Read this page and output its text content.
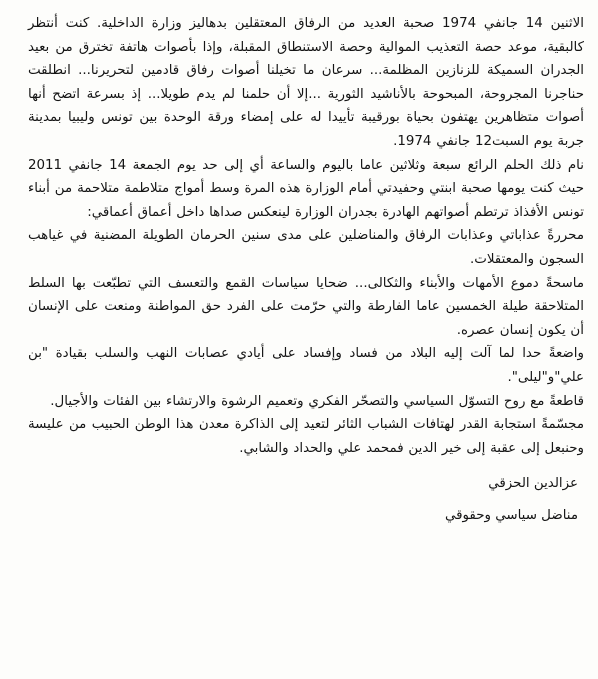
الاثنين 14 جانفي 1974 صحبة العديد من الرفاق المعتقلين بدهاليز وزارة الداخلية. كنت أنتظر كالبقية، موعد حصة التعذيب الموالية وحصة الاستنطاق المقبلة، وإذا بأصوات هاتفة تخترق من بعيد الجدران السميكة للزنازين المظلمة... سرعان ما تخيلنا أصوات رفاق قادمين لتحريرنا... انطلقت حناجرنا المجروحة، المبحوحة بالأناشيد الثورية ...إلا أن حلمنا لم يدم طويلا... إذ بسرعة اتضح أنها أصوات متظاهرين يهتفون بحياة بورقيبة تأييدا له على إمضاء ورقة الوحدة بين تونس وليبيا بمدينة جربة يوم السبت12 جانفي 1974.

نام ذلك الحلم الرائع سبعة وثلاثين عاما باليوم والساعة أي إلى حد يوم الجمعة 14 جانفي 2011 حيث كنت يومها صحبة ابنتي وحفيدتي أمام الوزارة هذه المرة وسط أمواج متلاطمة متلاحمة من أبناء تونس الأفذاذ ترتطم أصواتهم الهادرة بجدران الوزارة لينعكس صداها داخل أعماق أعماقي:

محررةً عذاباتي وعذابات الرفاق والمناضلين على مدى سنين الحرمان الطويلة المضنية في غياهب السجون والمعتقلات.

ماسحةً دموع الأمهات والأبناء والثكالى... ضحايا سياسات القمع والتعسف التي تطبّعت بها السلط المتلاحقة طيلة الخمسين عاما الفارطة والتي حرّمت على الفرد حق المواطنة ومنعت على الإنسان أن يكون إنسان عصره.

واضعةً حدا لما آلت إليه البلاد من فساد وإفساد على أيادي عصابات النهب والسلب بقيادة "بن علي"و"ليلى".

قاطعةً مع روح التسوّل السياسي والتصحّر الفكري وتعميم الرشوة والارتشاء بين الفئات والأجيال.

مجسّمةً استجابة القدر لهتافات الشباب الثائر لتعيد إلى الذاكرة معدن هذا الوطن الحبيب من عليسة وحنبعل إلى عقبة إلى خير الدين فمحمد علي والحداد والشابي.

عزالدين الحزقي
مناضل سياسي وحقوقي
